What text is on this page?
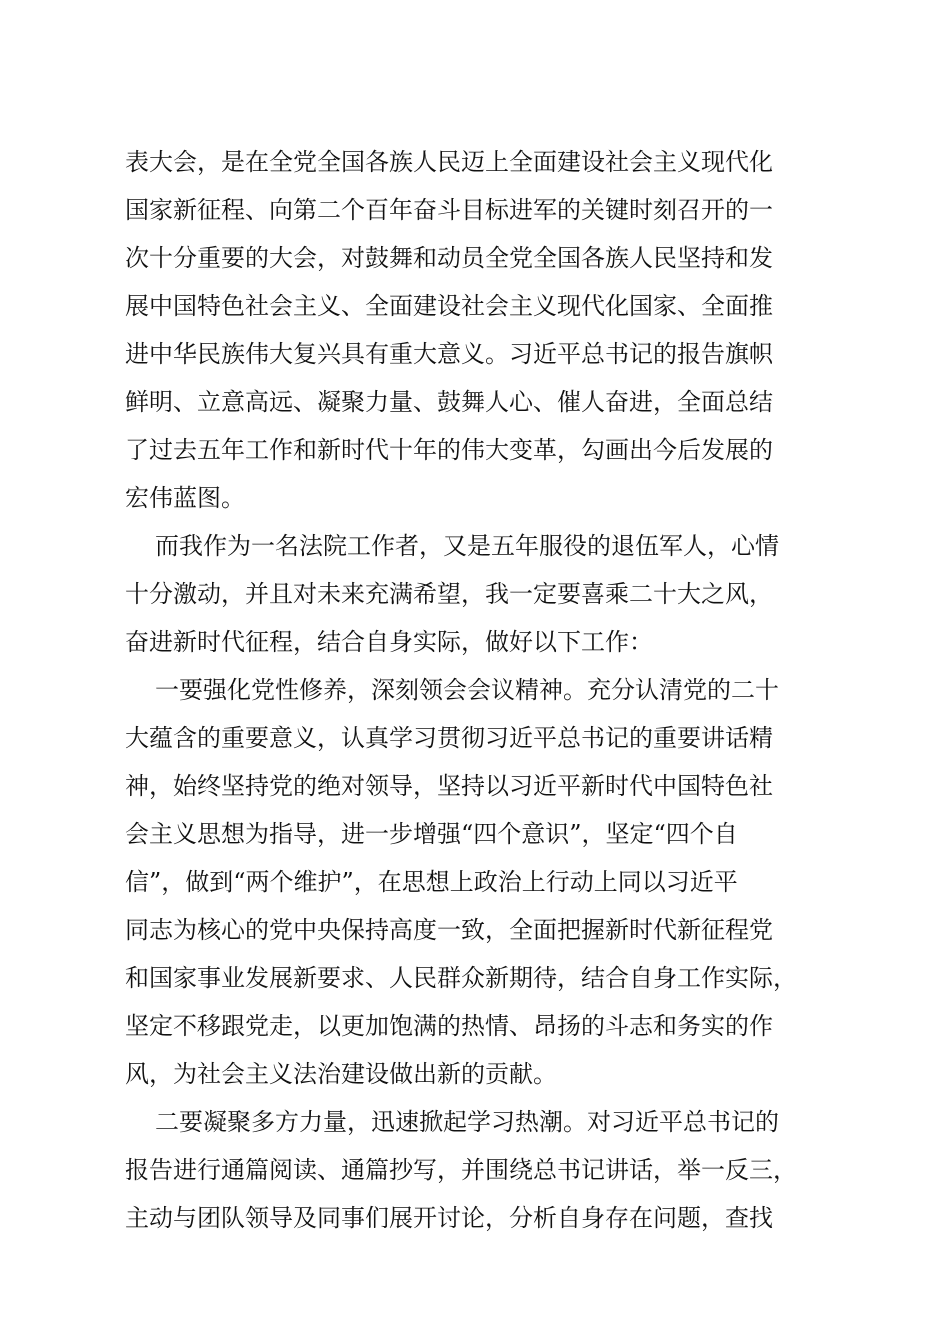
表大会，是在全党全国各族人民迈上全面建设社会主义现代化
国家新征程、向第二个百年奋斗目标进军的关键时刻召开的一
次十分重要的大会，对鼓舞和动员全党全国各族人民坚持和发
展中国特色社会主义、全面建设社会主义现代化国家、全面推
进中华民族伟大复兴具有重大意义。习近平总书记的报告旗帜
鲜明、立意高远、凝聚力量、鼓舞人心、催人奋进，全面总结
了过去五年工作和新时代十年的伟大变革，勾画出今后发展的
宏伟蓝图。
而我作为一名法院工作者，又是五年服役的退伍军人，心情
十分激动，并且对未来充满希望，我一定要喜乘二十大之风，
奋进新时代征程，结合自身实际，做好以下工作：
一要强化党性修养，深刻领会会议精神。充分认清党的二十
大蕴含的重要意义，认真学习贯彻习近平总书记的重要讲话精
神，始终坚持党的绝对领导，坚持以习近平新时代中国特色社
会主义思想为指导，进一步增强“四个意识”，坚定“四个自
信”，做到“两个维护”，在思想上政治上行动上同以习近平
同志为核心的党中央保持高度一致，全面把握新时代新征程党
和国家事业发展新要求、人民群众新期待，结合自身工作实际，
坚定不移跟党走，以更加饱满的热情、昂扬的斗志和务实的作
风，为社会主义法治建设做出新的贡献。
二要凝聚多方力量，迅速掀起学习热潮。对习近平总书记的
报告进行通篇阅读、通篇抄写，并围绕总书记讲话，举一反三，
主动与团队领导及同事们展开讨论，分析自身存在问题，查找
